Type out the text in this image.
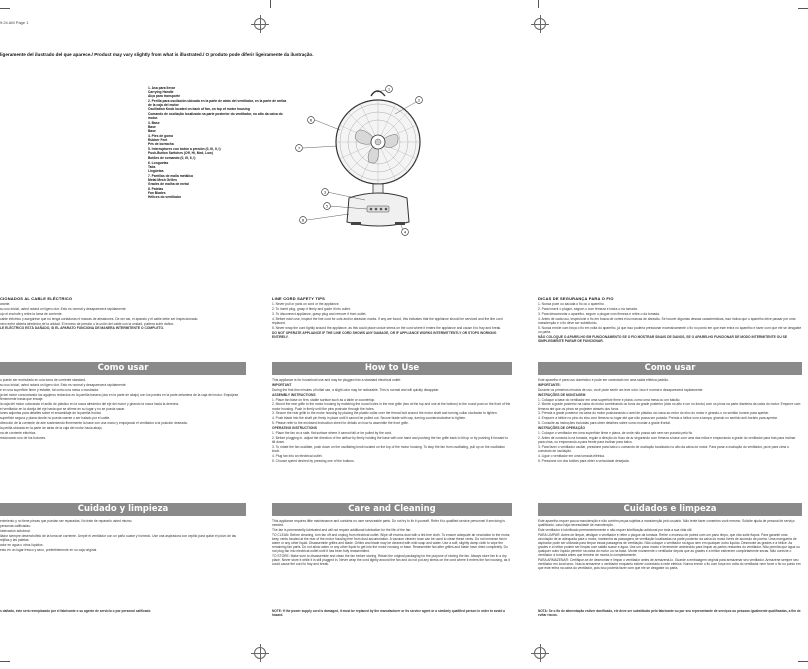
9:24 AM Page 1
ligeramente del ilustrado del que aparece./ Product may vary slightly from what is illustrated./ O produto pode diferir ligeiramente da ilustração.
1. Asa para llevar
Carrying Handle
Alça para transporte
2. Perilla para oscilación ubicada en la parte de atrás del ventilador, en la parte de arriba de la caja del motor
Oscillation Knob located on back of fan, on top of motor housing
Comando de oscilação localizado na parte posterior do ventilador, no alto da caixa do motor.
3. Base
Base
Base
4. Pies de goma
Rubber Feet
Pés de borracha
5. Interruptores con botón a presión (0, III, II, I)
Push-Button Switches (Off, Hi, Med, Low)
Botões de comando (0, III, II, I)
6. Longuetas
Tabs
Lingüetas
7. Parrillas de malla metálica
Metal Mesh Grilles
Grades de malha de metal
8. Paletas
Fan Blades
Hélices do ventilador
1
2
3
4
5
6
7
8
CIONADOS AL CABLE ELÉCTRICO

arante.

su uso inicial, usted notará un ligero olor. Esto es normal y desaparecerá rápidamente.

ojo el enchufe y retire la toma de corriente.

cable eléctrico y asegúrese que no tenga cortaduras ni marcas de abrasiones. De ser así, el aparato y el cable debe ser inspeccionado.

nero entre abierta alrededor de la unidad. El exceso de presión o la unión del cable con la unidad, pudiera sufrir daños.

LE ELÉCTRICO ESTÁ DAÑADO, SI EL APARATO FUNCIONA DE MANERA INTERMITENTE O COMPLETO.

Como usar

o puede ser enchufado en una toma de corriente standard.

su uso inicial, usted notará un ligero olor. Esto es normal y desaparecerá rápidamente.

e en una superficie firme y estable, tal como una mesa o mostrador.

ja del motor concordando los agujeros redondos en la parrilla trasera (dos en la parte de abajo) con los postes en la parte delantera de la caja del motor. Empújese firmemente hasta que encaje.

la caja del motor colocando el anillo de plástico en la rosca alrededor del eje del motor y girando la rosca hacia la derecha.

el ventilador en la clavija del eje hasta que se afirme en su lugar y no se pueda sacar.

iones adjuntas para detalles sobre el ensamblaje de la parrilla frontal.

superficie segura y plana donde no pueda caerse o ser halado por el cable.

dirección de la corriente de aire sosteniendo firmemente la base con una mano y empujando el ventilador a la posición deseada.

la perilla ubicada en la parte de atrás de la caja del motor hacia abajo.

na de corriente eléctrica.

resionando uno de los botones.

Cuidado y limpieza

enimiento y no tiene piezas que puedan ser reparadas. No trate de repararlo usted mismo.

personas calificadas.

lubricación adicional.

ilador siempre desenchúfelo de la toma de corriente. Limpie el ventilador con un paño suave y húmedo. Use una aspiradora con cepillo para quitar el polvo de las rejillas y las paletas.

ador en agua u otros líquidos.

esto en un lugar fresco y seco, preferiblemente en su caja original.

s dañado, éste será reemplazado por el fabricante o su agente de servicio o por personal calificado
LINE CORD SAFETY TIPS

1. Never pull or yank on cord or the appliance.

2. To insert plug, grasp it firmly and guide it into outlet.

3. To disconnect appliance, grasp plug and remove it from outlet.

4. Before each use, inspect the line cord for cuts and/or abrasion marks. If any are found, this indicates that the appliance should be serviced and the line cord replaced.

5. Never wrap the cord tightly around the appliance, as this could place undue stress on the cord where it enters the appliance and cause it to fray and break.

DO NOT OPERATE APPLIANCE IF THE LINE CORD SHOWS ANY DAMAGE, OR IF APPLIANCE WORKS INTERMITTENTLY OR STOPS WORKING ENTIRELY.

How to Use

This appliance is for household use and may be plugged into a standard electrical outlet.

IMPORTANT

During the first few minutes of initial use, a slight odor may be noticeable. This is normal and will quickly disappear.

ASSEMBLY INSTRUCTIONS

1. Place fan base on firm, stable surface such as a table or countertop.

2. Mount the rear grille to the motor housing by matching the round holes in the rear grille (two at the top and one at the bottom) to the round post on the front of the motor housing. Push in firmly until the pins protrude through the holes.

3. Secure the rear grille to the motor housing by placing the plastic collar over the thread bolt around the motor shaft and turning collar clockwise to tighten.

4. Push blade into the shaft pin firmly in place until it cannot be pulled out. Secure blade with cap, turning counterclockwise to tighten.

5. Please refer to the enclosed instruction sheet for details on how to assemble the front grille.

OPERATING INSTRUCTIONS

1. Place the fan on a safe, flat surface where it cannot fall or be pulled by the cord.

2. Before plugging in, adjust the direction of the airflow by firmly holding the base with one hand and pushing the fan grille back to tilt up or by pushing it forward to tilt down.

3. To rotate the fan oscillate, push down on the oscillating knob located on the top of the motor housing. To stop the fan from oscillating, pull up on the oscillation knob.

4. Plug fan into an electrical outlet.

5. Choose speed desired by pressing one of the buttons.

Care and Cleaning

This appliance requires little maintenance and contains no user serviceable parts. Do not try to fix it yourself. Refer it to qualified service personnel if servicing is needed.

The fan is permanently lubricated and will not require additional lubrication for the life of the fan.

TO CLEAN: Before cleaning, turn fan off and unplug from electrical outlet. Wipe off excess dust with a lint-free cloth. To ensure adequate air circulation to the motor, keep vents located at the rear of the motor housing free from dust accumulation. A vacuum cleaner hose can be used to clean these vents. Do not immerse fan in water or any other liquid. Disassemble grilles and blade. Grilles and blade may be cleaned with mild soap and water. Use a soft, slightly damp cloth to wipe the remaining fan parts. Do not allow water or any other liquid to get into the motor housing or base. Reassemble fan after grilles and blade have dried completely. Do not plug fan into electrical outlet until it has been fully reassembled.

TO STORE: Make sure to disassemble and clean the fan before storing. Retain the original packaging for the purpose of storing the fan. Always store fan in a dry place. Never store it while it is still plugged in. Never wrap the cord tightly around the fan and do not put any stress on the cord where it enters the fan housing, as it could cause the cord to fray and break.

NOTE: If the power supply cord is damaged, it must be replaced by the manufacturer or its service agent or a similarly qualified person in order to avoid a hazard.
DICAS DE SEGURANÇA PARA O FIO

1. Nunca puxe ou sacuda o fio ou o aparelho.

2. Para inserir o plugue, segure-o com firmeza e insira-o na tomada.

3. Para desconectar o aparelho, segure o plugue com firmeza e retire-o da tomada.

4. Antes de cada uso, inspecione o fio em busca de cortes e/ou marcas de abrasão. Se houver algumas dessas características, isso indica que o aparelho deve passar por uma manutenção e o fio deve ser substituído.

5. Nunca enrole com força o fio em volta do aparelho, já que isso poderia pressionar excessivamente o fio no ponto em que este entra no aparelho e fazer com que ele se desgaste ou parta.

NÃO COLOQUE O APARELHO EM FUNCIONAMENTO SE O FIO MOSTRAR SINAIS DE DANOS, SE O APARELHO FUNCIONAR DE MODO INTERMITENTE OU SE SIMPLESMENTE PARAR DE FUNCIONAR.

Como usar

Este aparelho é para uso doméstico e pode ser conectado em uma saída elétrica padrão.

IMPORTANTE:

Durante os primeiros minutos de uso, você pode sentir um leve odor. Isso é normal e desaparecerá rapidamente.

INSTRUÇÕES DE MONTAGEM

1. Coloque a base do ventilador em uma superfície firme e plana, como uma mesa ou um balcão.

2. Monte a grade posterior na caixa do motor combinando os furos da grade posterior (dois no alto e um no fundo) com os pinos na parte dianteira da caixa do motor. Empurre com firmeza até que os pinos se projetem através dos furos.

3. Prenda a grade posterior na caixa do motor posicionando o anel de plástico na rosca ao redor do eixo do motor e girando-o no sentido horário para apertar.

4. Empurre a hélice no pino do eixo com firmeza no lugar até que não possa ser puxada. Prenda a hélice com a tampa, girando no sentido anti-horário para apertar.

5. Consulte as instruções incluídas para obter detalhes sobre como montar a grade frontal.

INSTRUÇÕES DE OPERAÇÃO

1. Coloque o ventilador em uma superfície firme e plana, de onde não possa cair nem ser puxado pelo fio.

2. Antes de conectá-lo na tomada, regule a direção do fluxo de ar segurando com firmeza a base com uma das mãos e empurrando a grade do ventilador para trás para inclinar para cima, ou empurrando-a para frente para inclinar para baixo.

3. Para fazer o ventilador oscilar, pressione para baixo o comando de oscilação localizado no alto da caixa do motor. Para parar a oscilação do ventilador, puxe para cima o comando de oscilação.

4. Ligue o ventilador em uma tomada elétrica.

5. Pressione um dos botões para obter a velocidade desejada.

Cuidados e limpeza

Este aparelho requer pouca manutenção e não contém peças sujeitas a manutenção pelo usuário. Não tente fazer consertos você mesmo. Solicite ajuda de pessoal de serviço qualificado, caso haja necessidade de manutenção.

Este ventilador é lubrificado permanentemente e não requer lubrificação adicional por toda a sua vida útil.

PARA LIMPAR: Antes de limpar, desligue o ventilador e retire o plugue da tomada. Retire o excesso de poeira com um pano limpo, que não solte fiapos. Para garantir uma circulação de ar adequada para o motor, mantenha as passagens de ventilação localizadas na parte posterior da caixa do motor livres de acúmulo de poeira. Uma mangueira de aspirador pode ser utilizada para limpar essas passagens de ventilação. Não coloque o ventilador na água nem em qualquer outro líquido. Desmonte as grades e a hélice. As grades e a hélice podem ser limpas com sabão suave e água. Use um pano macio e levemente umedecido para limpar as partes restantes do ventilador. Não permita que água ou qualquer outro líquido penetre na caixa do motor ou na base. Monte novamente o ventilador depois que as grades e a hélice estiverem completamente secas. Não conecte o ventilador à tomada antes que termine de montá-lo completamente.

PARA ARMAZENAR: Certifique-se de desmontar e limpar o ventilador antes de armazená-lo. Guarde a embalagem original para armazenar seu ventilador. Armazene sempre seu ventilador em local seco. Nunca armazene o ventilador enquanto estiver conectado à rede elétrica. Nunca enrole o fio com força em volta do ventilador nem force o fio no ponto em que este entra na caixa do ventilador, pois isso poderia fazer com que ele se desgaste ou parta.

NOTA: Se o fio de alimentação estiver danificado, ele deve ser substituído pelo fabricante ou por seu representante de serviços ou pessoas igualmente qualificadas, a fim de evitar riscos.
